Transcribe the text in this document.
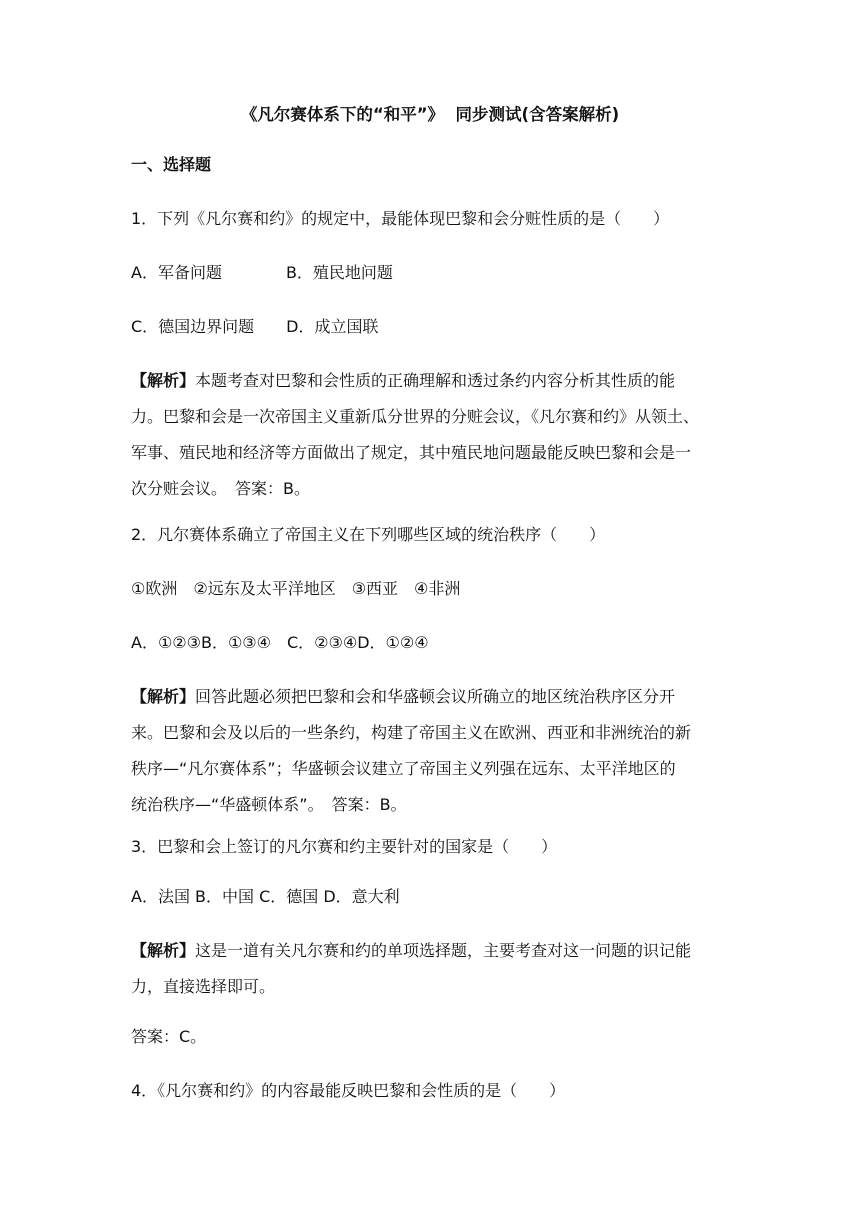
《凡尔赛体系下的“和平”》  同步测试(含答案解析)
一、选择题
1．下列《凡尔赛和约》的规定中，最能体现巴黎和会分赃性质的是（　　）
A．军备问题　　　　B．殖民地问题
C．德国边界问题　　D．成立国联
【解析】本题考查对巴黎和会性质的正确理解和透过条约内容分析其性质的能
力。巴黎和会是一次帝国主义重新瓜分世界的分赃会议，《凡尔赛和约》从领土、
军事、殖民地和经济等方面做出了规定，其中殖民地问题最能反映巴黎和会是一
次分赃会议。　答案：B。
2．凡尔赛体系确立了帝国主义在下列哪些区域的统治秩序（　　）
①欧洲　②远东及太平洋地区　③西亚　④非洲
A．①②③B．①③④　C．②③④D．①②④
【解析】回答此题必须把巴黎和会和华盛顿会议所确立的地区统治秩序区分开
来。巴黎和会及以后的一些条约，构建了帝国主义在欧洲、西亚和非洲统治的新
秩序—“凡尔赛体系”；华盛顿会议建立了帝国主义列强在远东、太平洋地区的
统治秩序—“华盛顿体系”。　答案：B。
3．巴黎和会上签订的凡尔赛和约主要针对的国家是（　　）
A．法国 B．中国 C．德国 D．意大利
【解析】这是一道有关凡尔赛和约的单项选择题，主要考查对这一问题的识记能
力，直接选择即可。
答案：C。
4．《凡尔赛和约》的内容最能反映巴黎和会性质的是（　　）
